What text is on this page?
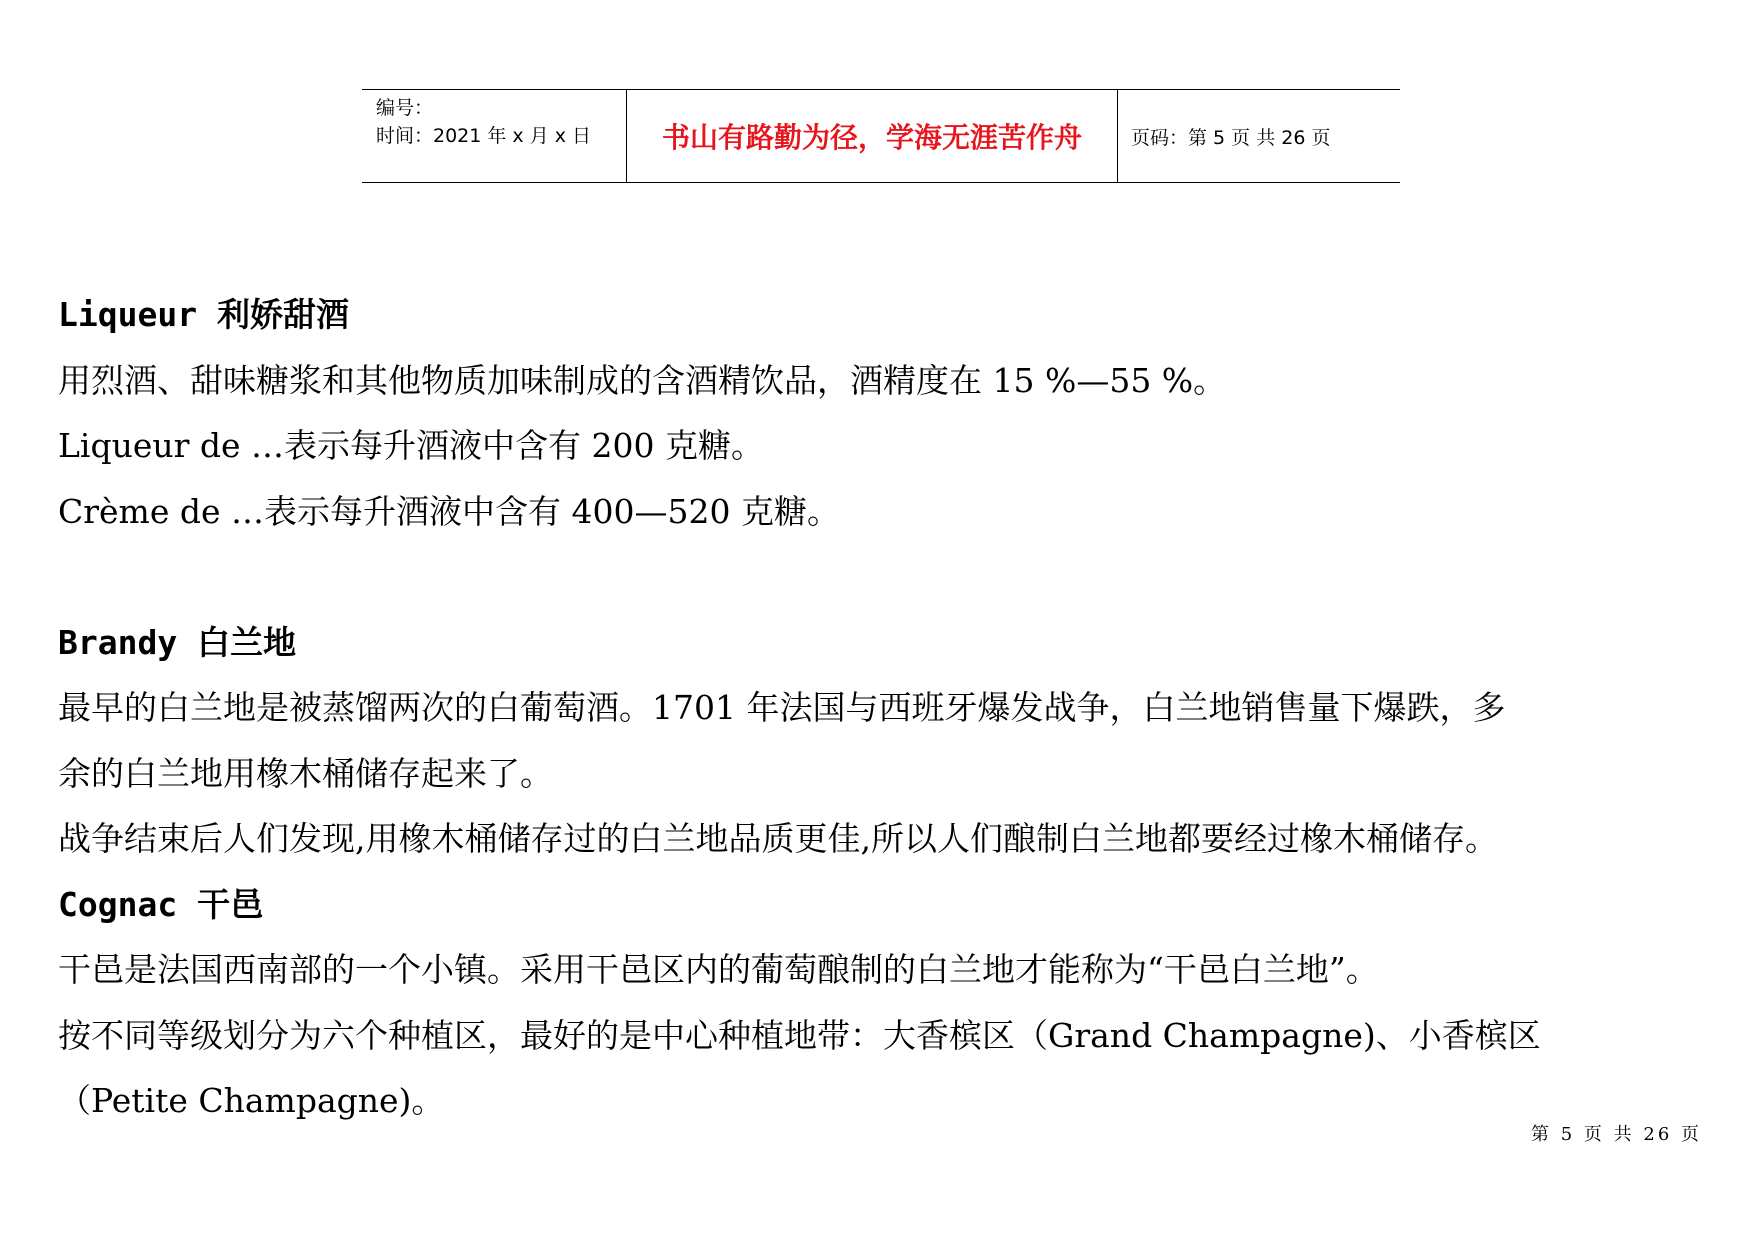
编号：
时间：2021 年 x 月 x 日	书山有路勤为径，学海无涯苦作舟	页码：第 5 页 共 26 页
Liqueur 利娇甜酒
用烈酒、甜味糖浆和其他物质加味制成的含酒精饮品，酒精度在 15 %—55 %。
Liqueur de …表示每升酒液中含有 200 克糖。
Crème de …表示每升酒液中含有 400—520 克糖。
Brandy 白兰地
最早的白兰地是被蒸馏两次的白葡萄酒。1701 年法国与西班牙爆发战争，白兰地销售量下爆跌，多
余的白兰地用橡木桶储存起来了。
战争结束后人们发现,用橡木桶储存过的白兰地品质更佳,所以人们酿制白兰地都要经过橡木桶储存。
Cognac 干邑
干邑是法国西南部的一个小镇。采用干邑区内的葡萄酿制的白兰地才能称为“干邑白兰地”。
按不同等级划分为六个种植区，最好的是中心种植地带：大香槟区（Grand Champagne)、小香槟区
（Petite Champagne)。
第 5 页 共 26 页
